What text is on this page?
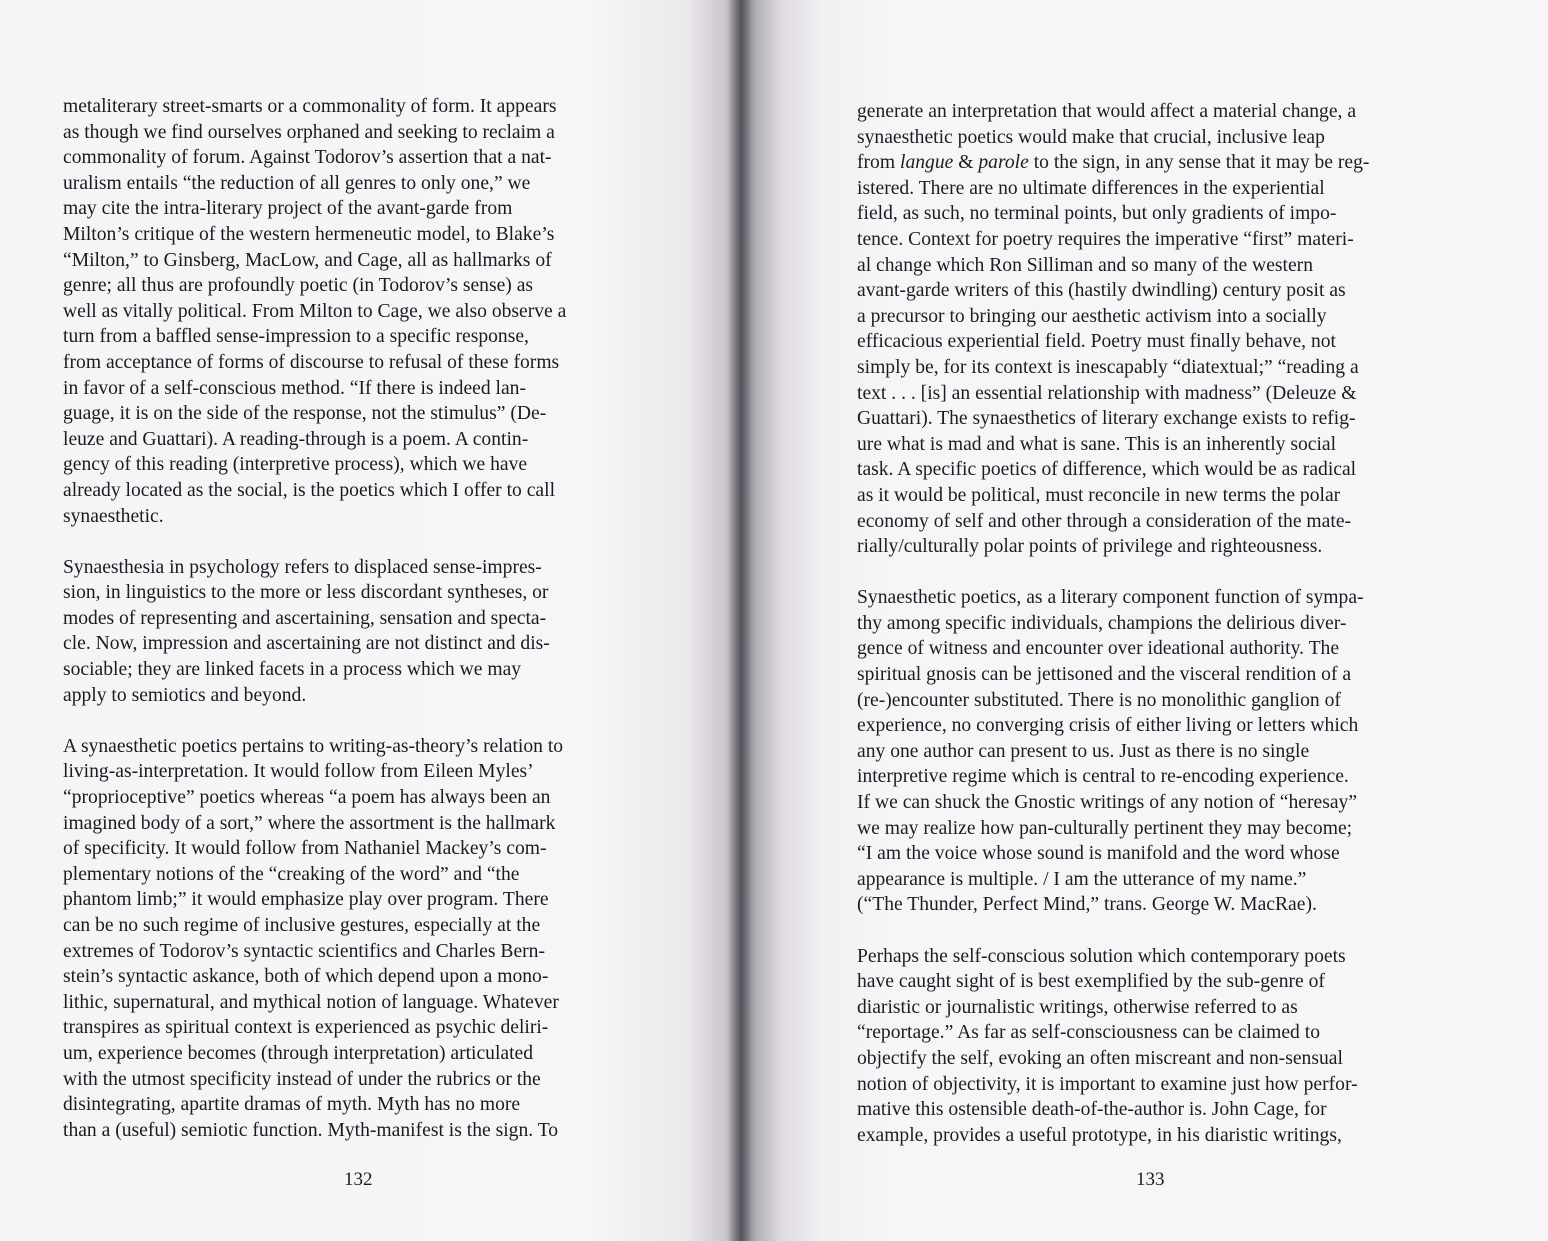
metaliterary street-smarts or a commonality of form. It appears
as though we find ourselves orphaned and seeking to reclaim a
commonality of forum. Against Todorov’s assertion that a nat-
uralism entails “the reduction of all genres to only one,” we
may cite the intra-literary project of the avant-garde from
Milton’s critique of the western hermeneutic model, to Blake’s
“Milton,” to Ginsberg, MacLow, and Cage, all as hallmarks of
genre; all thus are profoundly poetic (in Todorov’s sense) as
well as vitally political. From Milton to Cage, we also observe a
turn from a baffled sense-impression to a specific response,
from acceptance of forms of discourse to refusal of these forms
in favor of a self-conscious method. “If there is indeed lan-
guage, it is on the side of the response, not the stimulus” (De-
leuze and Guattari). A reading-through is a poem. A contin-
gency of this reading (interpretive process), which we have
already located as the social, is the poetics which I offer to call
synaesthetic.
Synaesthesia in psychology refers to displaced sense-impres-
sion, in linguistics to the more or less discordant syntheses, or
modes of representing and ascertaining, sensation and specta-
cle. Now, impression and ascertaining are not distinct and dis-
sociable; they are linked facets in a process which we may
apply to semiotics and beyond.
A synaesthetic poetics pertains to writing-as-theory’s relation to
living-as-interpretation. It would follow from Eileen Myles’
“proprioceptive” poetics whereas “a poem has always been an
imagined body of a sort,” where the assortment is the hallmark
of specificity. It would follow from Nathaniel Mackey’s com-
plementary notions of the “creaking of the word” and “the
phantom limb;” it would emphasize play over program. There
can be no such regime of inclusive gestures, especially at the
extremes of Todorov’s syntactic scientifics and Charles Bern-
stein’s syntactic askance, both of which depend upon a mono-
lithic, supernatural, and mythical notion of language. Whatever
transpires as spiritual context is experienced as psychic deliri-
um, experience becomes (through interpretation) articulated
with the utmost specificity instead of under the rubrics or the
disintegrating, apartite dramas of myth. Myth has no more
than a (useful) semiotic function. Myth-manifest is the sign. To
generate an interpretation that would affect a material change, a
synaesthetic poetics would make that crucial, inclusive leap
from langue & parole to the sign, in any sense that it may be reg-
istered. There are no ultimate differences in the experiential
field, as such, no terminal points, but only gradients of impo-
tence. Context for poetry requires the imperative “first” materi-
al change which Ron Silliman and so many of the western
avant-garde writers of this (hastily dwindling) century posit as
a precursor to bringing our aesthetic activism into a socially
efficacious experiential field. Poetry must finally behave, not
simply be, for its context is inescapably “diatextual;” “reading a
text . . . [is] an essential relationship with madness” (Deleuze &
Guattari). The synaesthetics of literary exchange exists to refig-
ure what is mad and what is sane. This is an inherently social
task. A specific poetics of difference, which would be as radical
as it would be political, must reconcile in new terms the polar
economy of self and other through a consideration of the mate-
rially/culturally polar points of privilege and righteousness.
Synaesthetic poetics, as a literary component function of sympa-
thy among specific individuals, champions the delirious diver-
gence of witness and encounter over ideational authority. The
spiritual gnosis can be jettisoned and the visceral rendition of a
(re-)encounter substituted. There is no monolithic ganglion of
experience, no converging crisis of either living or letters which
any one author can present to us. Just as there is no single
interpretive regime which is central to re-encoding experience.
If we can shuck the Gnostic writings of any notion of “heresay”
we may realize how pan-culturally pertinent they may become;
“I am the voice whose sound is manifold and the word whose
appearance is multiple. / I am the utterance of my name.”
(“The Thunder, Perfect Mind,” trans. George W. MacRae).
Perhaps the self-conscious solution which contemporary poets
have caught sight of is best exemplified by the sub-genre of
diaristic or journalistic writings, otherwise referred to as
“reportage.” As far as self-consciousness can be claimed to
objectify the self, evoking an often miscreant and non-sensual
notion of objectivity, it is important to examine just how perfor-
mative this ostensible death-of-the-author is. John Cage, for
example, provides a useful prototype, in his diaristic writings,
132	133
